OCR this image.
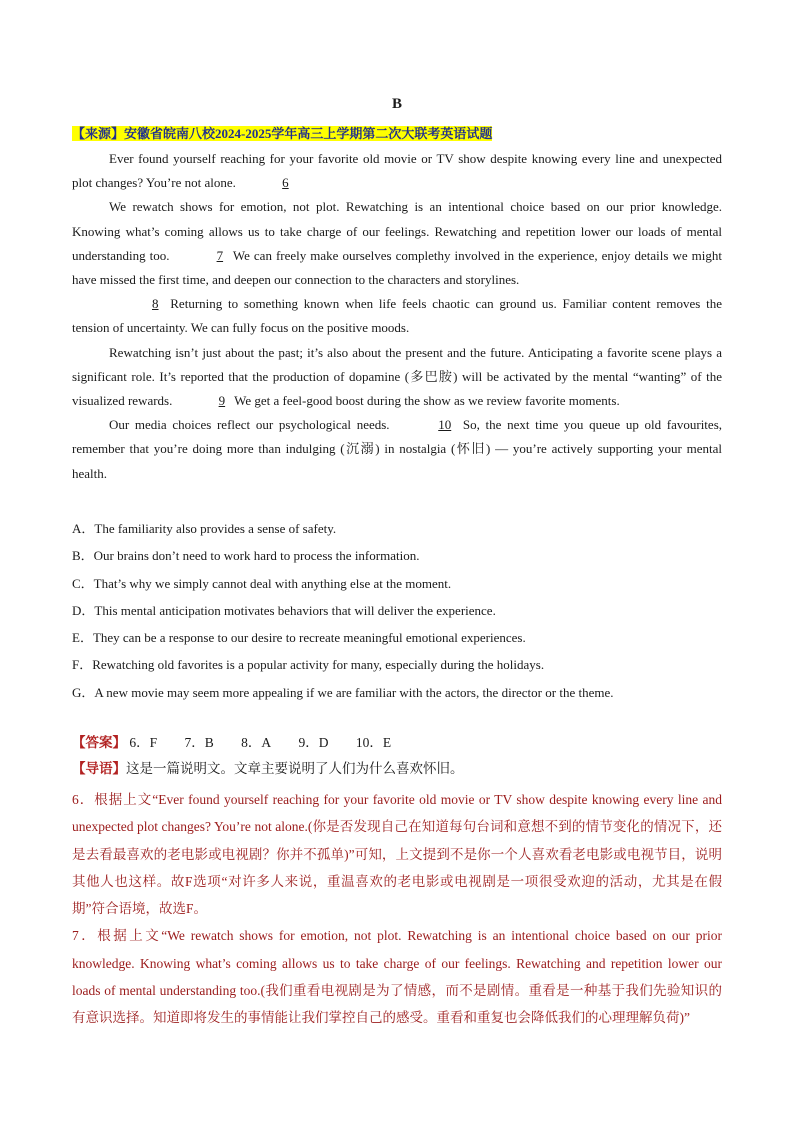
B
【来源】安徽省皖南八校2024-2025学年高三上学期第二次大联考英语试题

Ever found yourself reaching for your favorite old movie or TV show despite knowing every line and unexpected plot changes? You’re not alone.	6

We rewatch shows for emotion, not plot. Rewatching is an intentional choice based on our prior knowledge. Knowing what’s coming allows us to take charge of our feelings. Rewatching and repetition lower our loads of mental understanding too.	7 We can freely make ourselves complethy involved in the experience, enjoy details we might have missed the first time, and deepen our connection to the characters and storylines.

8 Returning to something known when life feels chaotic can ground us. Familiar content removes the tension of uncertainty. We can fully focus on the positive moods.

Rewatching isn’t just about the past; it’s also about the present and the future. Anticipating a favorite scene plays a significant role. It’s reported that the production of dopamine (多巴胺) will be activated by the mental “wanting” of the visualized rewards.	9 We get a feel-good boost during the show as we review favorite moments.

Our media choices reflect our psychological needs.	10 So, the next time you queue up old favourites, remember that you’re doing more than indulging (沉溺) in nostalgia (怀旧) — you’re actively supporting your mental health.

A．The familiarity also provides a sense of safety.
B．Our brains don’t need to work hard to process the information.
C．That’s why we simply cannot deal with anything else at the moment.
D．This mental anticipation motivates behaviors that will deliver the experience.
E．They can be a response to our desire to recreate meaningful emotional experiences.
F．Rewatching old favorites is a popular activity for many, especially during the holidays.
G．A new movie may seem more appealing if we are familiar with the actors, the director or the theme.
【答案】 6．F 7．B 8．A 9．D 10．E
【导语】这是一篇说明文。文章主要说明了人们为什么喜欢怀旧。

6．根据上文“Ever found yourself reaching for your favorite old movie or TV show despite knowing every line and unexpected plot changes? You’re not alone.(你是否发现自己在知道每句台词和意想不到的情节变化的情况下，还是去看最喜欢的老电影或电视剧？你并不孤单)”可知，上文提到不是你一个人喜欢看老电影或电视节目，说明其他人也这样。故F选项“对许多人来说，重温喜欢的老电影或电视剧是一项很受欢迎的活动，尤其是在假期”符合语境，故选F。

7．根据上文“We rewatch shows for emotion, not plot. Rewatching is an intentional choice based on our prior knowledge. Knowing what’s coming allows us to take charge of our feelings. Rewatching and repetition lower our loads of mental understanding too.(我们重看电视剧是为了情感，而不是剧情。重看是一种基于我们先验知识的有意识选择。知道即将发生的事情能让我们掌控自己的感受。重看和重复也会降低我们的心理理解负荷)”
